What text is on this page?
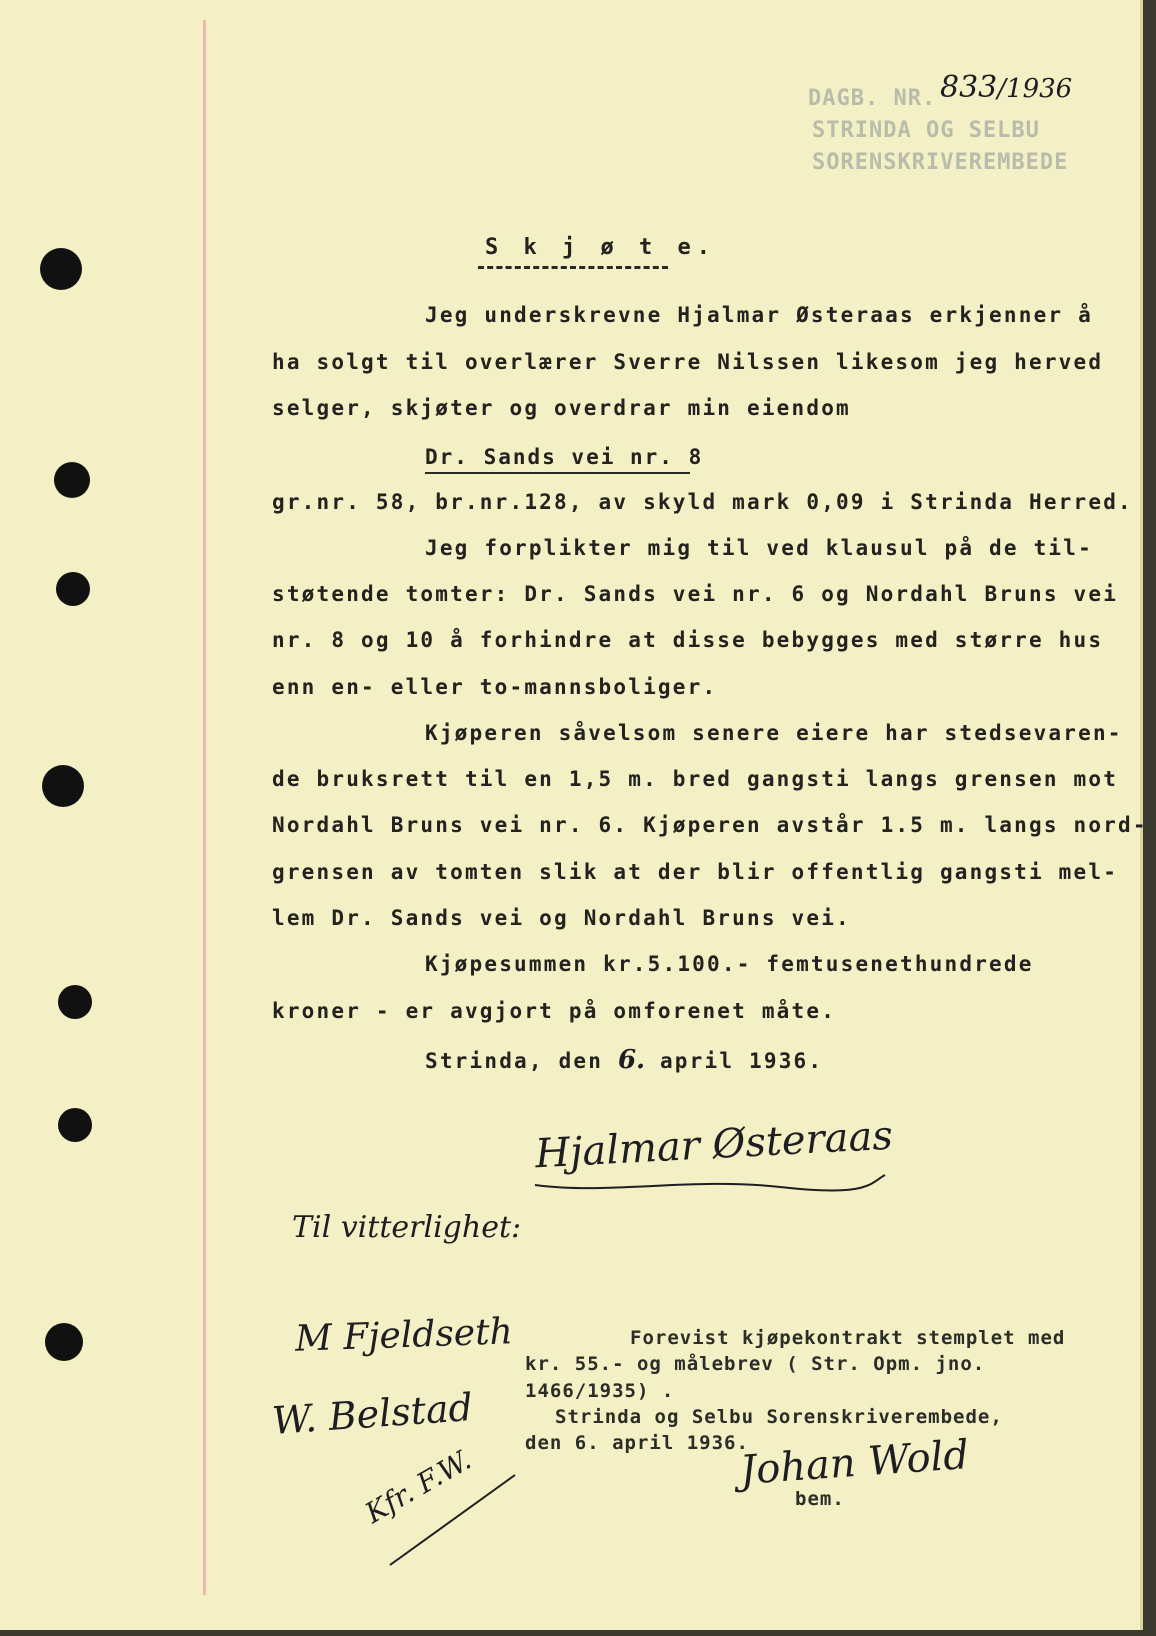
DAGB. NR. 833/1936
STRINDA OG SELBU
SORENSKRIVEREMBEDE
S k j ø t e.
Jeg underskrevne Hjalmar Østeraas erkjenner å
ha solgt til overlærer Sverre Nilssen likesom jeg herved
selger, skjøter og overdrar min eiendom
Dr. Sands vei nr. 8
gr.nr. 58, br.nr.128, av skyld mark 0,09 i Strinda Herred.
Jeg forplikter mig til ved klausul på de til-
støtende tomter: Dr. Sands vei nr. 6 og Nordahl Bruns vei
nr. 8 og 10 å forhindre at disse bebygges med større hus
enn en- eller to-mannsboliger.
Kjøperen såvelsom senere eiere har stedsevaren-
de bruksrett til en 1,5 m. bred gangsti langs grensen mot
Nordahl Bruns vei nr. 6. Kjøperen avstår 1.5 m. langs nord-
grensen av tomten slik at der blir offentlig gangsti mel-
lem Dr. Sands vei og Nordahl Bruns vei.
Kjøpesummen kr.5.100.- femtusenethundrede
kroner - er avgjort på omforenet måte.
Strinda, den 6. april 1936.
Hjalmar Østeraas
Til vitterlighet:
M Fjeldseth
W. Belstad
Kfr. F.W.
Forevist kjøpekontrakt stemplet med
kr. 55.- og målebrev ( Str. Opm. jno.
1466/1935) .
Strinda og Selbu Sorenskriverembede,
den 6. april 1936.
Johan Wold
bem.
